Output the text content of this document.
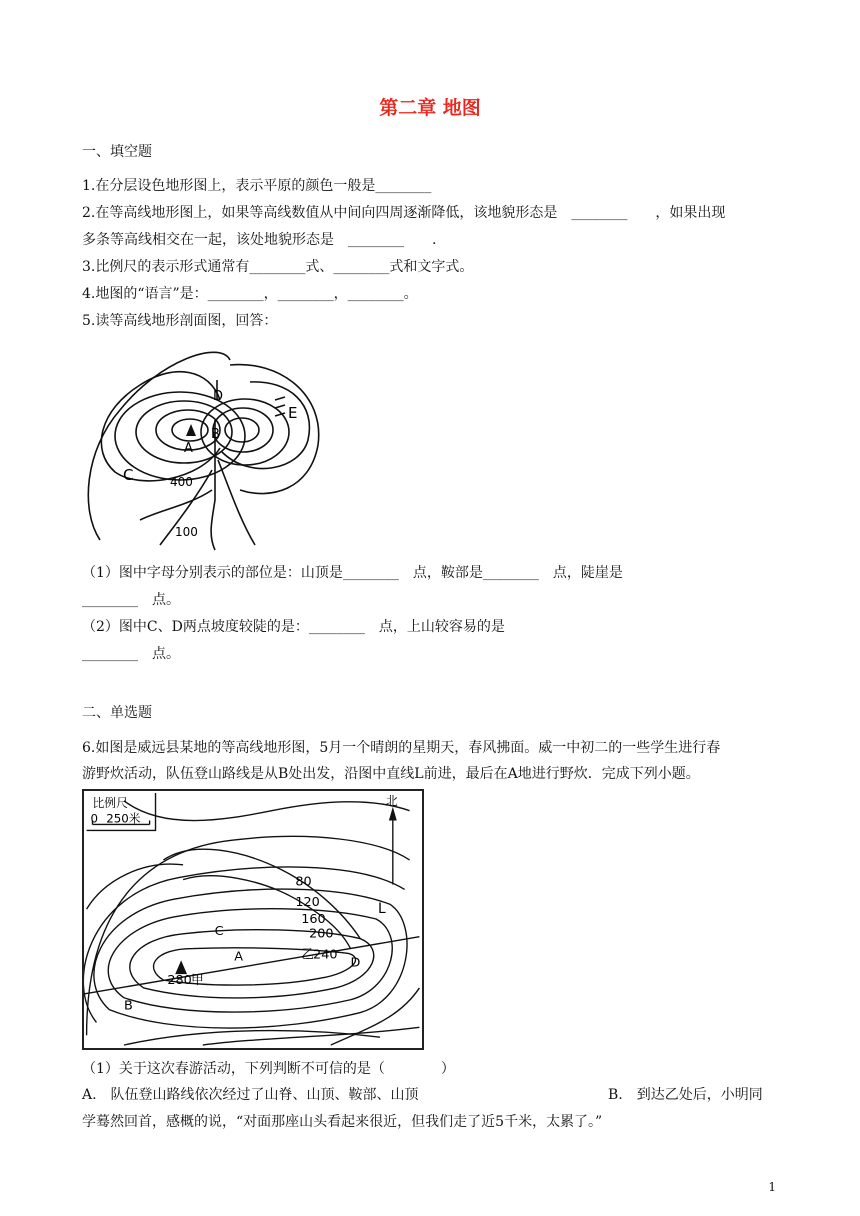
第二章 地图
一、填空题
1.在分层设色地形图上，表示平原的颜色一般是________
2.在等高线地形图上，如果等高线数值从中间向四周逐渐降低，该地貌形态是　________　　，如果出现
多条等高线相交在一起，该处地貌形态是　________　　.
3.比例尺的表示形式通常有________式、________式和文字式。
4.地图的“语言”是：________，________，________。
5.读等高线地形剖面图，回答：
D
A
B
C
E
400
100
（1）图中字母分别表示的部位是：山顶是________　点，鞍部是________　点，陡崖是
________　点。
（2）图中C、D两点坡度较陡的是：________　点，上山较容易的是
________　点。
二、单选题
6.如图是威远县某地的等高线地形图，5月一个晴朗的星期天，春风拂面。威一中初二的一些学生进行春
游野炊活动，队伍登山路线是从B处出发，沿图中直线L前进，最后在A地进行野炊．完成下列小题。
比例尺
0 250米
北
80
120
160
200
乙 240
280 甲
L
C
A
B
D
（1）关于这次春游活动，下列判断不可信的是（　　　　）
A.　队伍登山路线依次经过了山脊、山顶、鞍部、山顶	B.　到达乙处后，小明同
学蓦然回首，感概的说，“对面那座山头看起来很近，但我们走了近5千米，太累了。”
1
